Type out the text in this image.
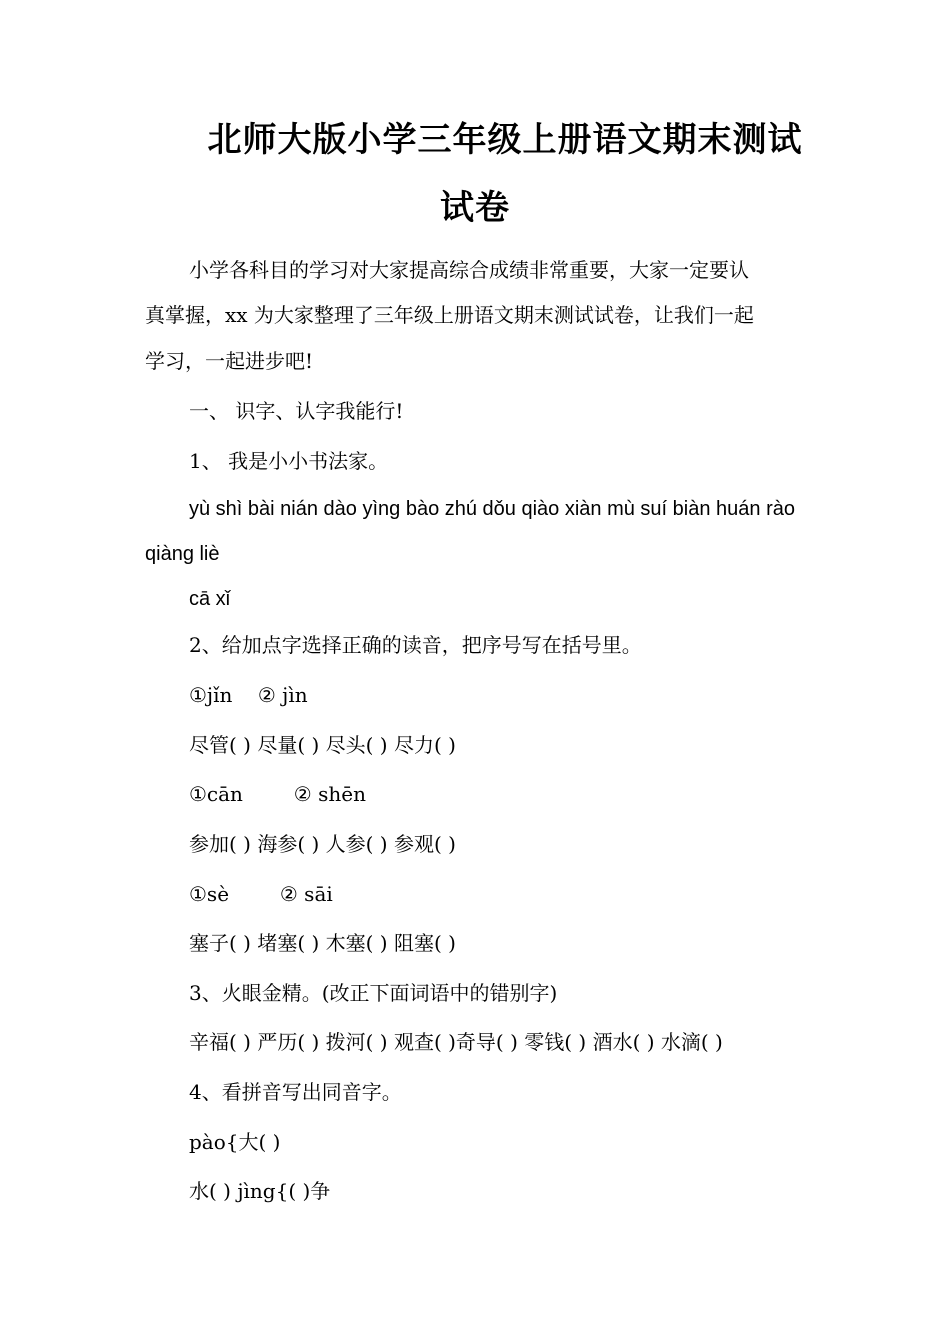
北师大版小学三年级上册语文期末测试
试卷
小学各科目的学习对大家提高综合成绩非常重要，大家一定要认
真掌握，xx 为大家整理了三年级上册语文期末测试试卷，让我们一起
学习，一起进步吧!
一、 识字、认字我能行!
1、 我是小小书法家。
yù shì bài nián dào yìng bào zhú dǒu qiào xiàn mù suí biàn huán rào
qiàng liè
cā xǐ
2、给加点字选择正确的读音，把序号写在括号里。
①jǐn    ② jìn
尽管( ) 尽量( ) 尽头( ) 尽力( )
①cān        ② shēn
参加( ) 海参( ) 人参( ) 参观( )
①sè        ② sāi
塞子( ) 堵塞( ) 木塞( ) 阻塞( )
3、火眼金精。(改正下面词语中的错别字)
辛福( ) 严历( ) 拨河( ) 观查( )奇导( ) 零钱( ) 酒水( ) 水滴( )
4、看拼音写出同音字。
pào{大( )
水( ) jìng{( )争
